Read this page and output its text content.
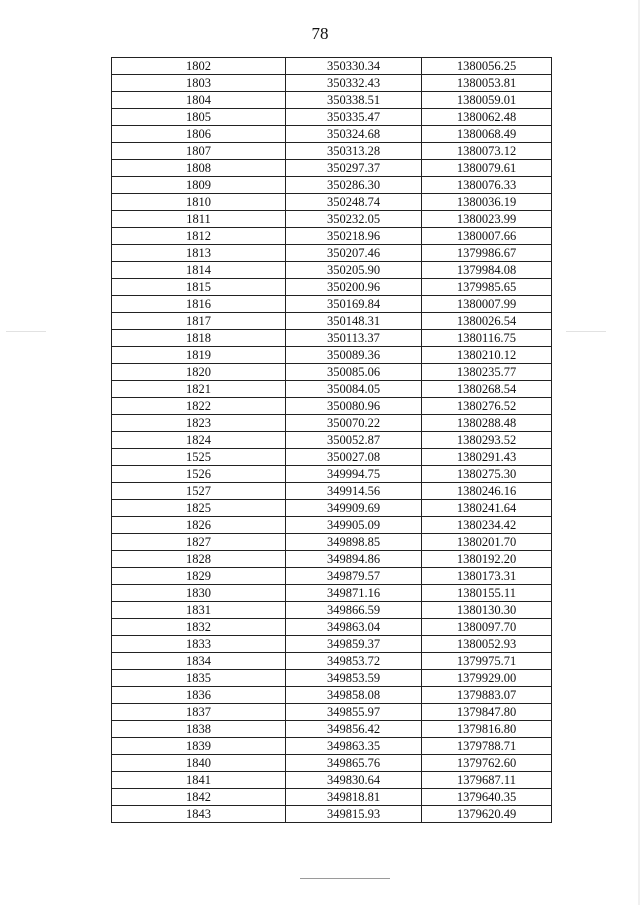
78
1802	350330.34	1380056.25
1803	350332.43	1380053.81
1804	350338.51	1380059.01
1805	350335.47	1380062.48
1806	350324.68	1380068.49
1807	350313.28	1380073.12
1808	350297.37	1380079.61
1809	350286.30	1380076.33
1810	350248.74	1380036.19
1811	350232.05	1380023.99
1812	350218.96	1380007.66
1813	350207.46	1379986.67
1814	350205.90	1379984.08
1815	350200.96	1379985.65
1816	350169.84	1380007.99
1817	350148.31	1380026.54
1818	350113.37	1380116.75
1819	350089.36	1380210.12
1820	350085.06	1380235.77
1821	350084.05	1380268.54
1822	350080.96	1380276.52
1823	350070.22	1380288.48
1824	350052.87	1380293.52
1525	350027.08	1380291.43
1526	349994.75	1380275.30
1527	349914.56	1380246.16
1825	349909.69	1380241.64
1826	349905.09	1380234.42
1827	349898.85	1380201.70
1828	349894.86	1380192.20
1829	349879.57	1380173.31
1830	349871.16	1380155.11
1831	349866.59	1380130.30
1832	349863.04	1380097.70
1833	349859.37	1380052.93
1834	349853.72	1379975.71
1835	349853.59	1379929.00
1836	349858.08	1379883.07
1837	349855.97	1379847.80
1838	349856.42	1379816.80
1839	349863.35	1379788.71
1840	349865.76	1379762.60
1841	349830.64	1379687.11
1842	349818.81	1379640.35
1843	349815.93	1379620.49
